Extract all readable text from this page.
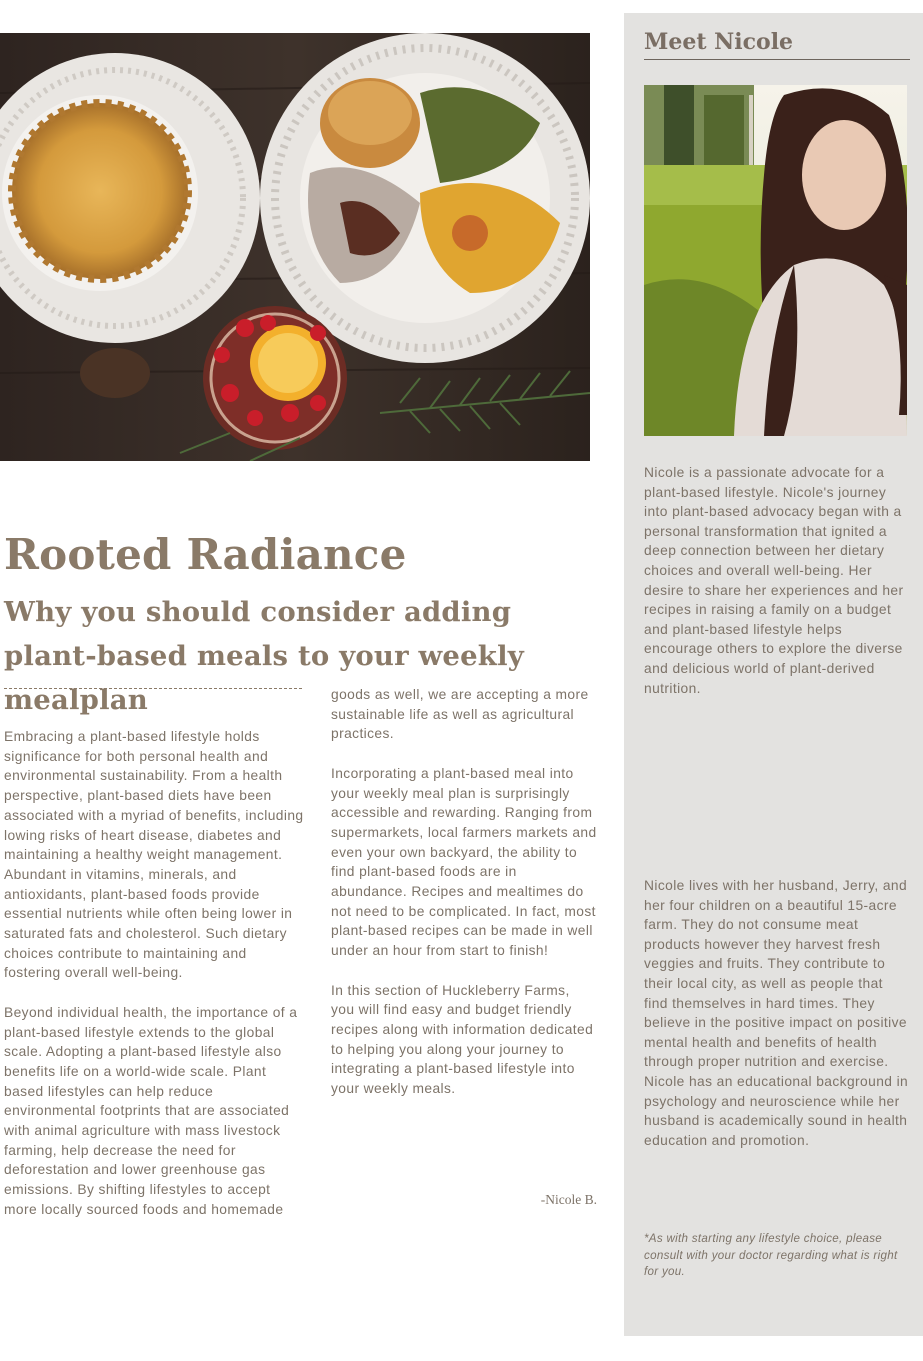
Rooted Radiance
Why you should consider adding plant-based meals to your weekly mealplan

Embracing a plant-based lifestyle holds significance for both personal health and environmental sustainability. From a health perspective, plant-based diets have been associated with a myriad of benefits, including lowing risks of heart disease, diabetes and maintaining a healthy weight management. Abundant in vitamins, minerals, and antioxidants, plant-based foods provide essential nutrients while often being lower in saturated fats and cholesterol. Such dietary choices contribute to maintaining and fostering overall well-being.

Beyond individual health, the importance of a plant-based lifestyle extends to the global scale. Adopting a plant-based lifestyle also benefits life on a world-wide scale. Plant based lifestyles can help reduce environmental footprints that are associated with animal agriculture with mass livestock farming, help decrease the need for deforestation and lower greenhouse gas emissions. By shifting lifestyles to accept more locally sourced foods and homemade

goods as well, we are accepting a more sustainable life as well as agricultural practices.

Incorporating a plant-based meal into your weekly meal plan is surprisingly accessible and rewarding. Ranging from supermarkets, local farmers markets and even your own backyard, the ability to find plant-based foods are in abundance. Recipes and mealtimes do not need to be complicated. In fact, most plant-based recipes can be made in well under an hour from start to finish!

In this section of Huckleberry Farms, you will find easy and budget friendly recipes along with information dedicated to helping you along your journey to integrating a plant-based lifestyle into your weekly meals.

-Nicole B.
Meet Nicole

Nicole is a passionate advocate for a plant-based lifestyle. Nicole's journey into plant-based advocacy began with a personal transformation that ignited a deep connection between her dietary choices and overall well-being. Her desire to share her experiences and her recipes in raising a family on a budget and plant-based lifestyle helps encourage others to explore the diverse and delicious world of plant-derived nutrition.

Nicole lives with her husband, Jerry, and her four children on a beautiful 15-acre farm. They do not consume meat products however they harvest fresh veggies and fruits. They contribute to their local city, as well as people that find themselves in hard times. They believe in the positive impact on positive mental health and benefits of health through proper nutrition and exercise.

Nicole has an educational background in psychology and neuroscience while her husband is academically sound in health education and promotion.

*As with starting any lifestyle choice, please consult with your doctor regarding what is right for you.
